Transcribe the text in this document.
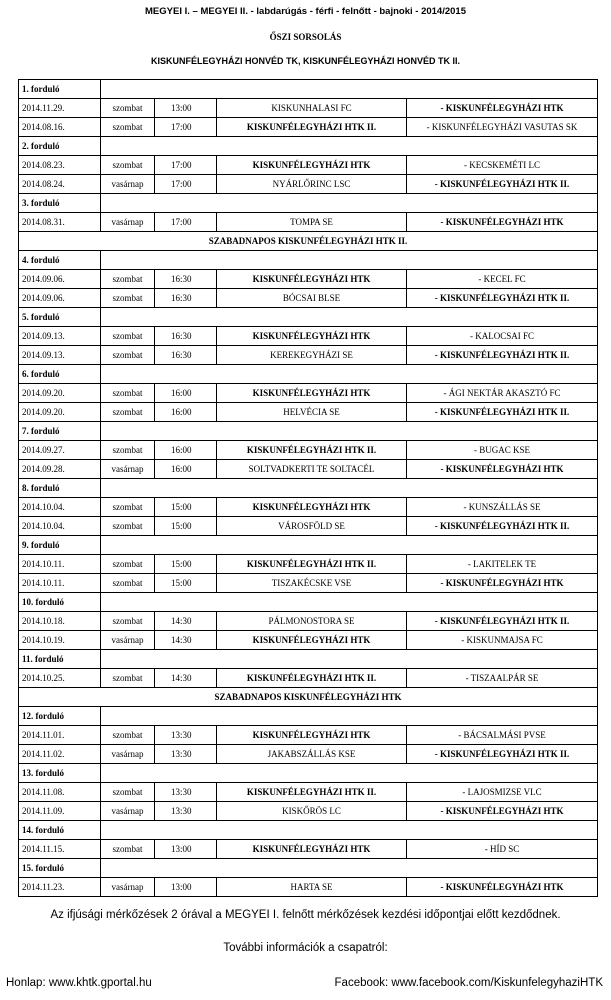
MEGYEI I. – MEGYEI II. - labdarúgás - férfi - felnőtt - bajnoki - 2014/2015
ŐSZI SORSOLÁS
KISKUNFÉLEGYHÁZI HONVÉD TK, KISKUNFÉLEGYHÁZI HONVÉD TK II.
1. forduló				
2014.11.29.	szombat	13:00	KISKUNHALASI FC	- KISKUNFÉLEGYHÁZI HTK
2014.08.16.	szombat	17:00	KISKUNFÉLEGYHÁZI HTK II.	- KISKUNFÉLEGYHÁZI VASUTAS SK
2. forduló				
2014.08.23.	szombat	17:00	KISKUNFÉLEGYHÁZI HTK	- KECSKEMÉTI LC
2014.08.24.	vasárnap	17:00	NYÁRLŐRINC LSC	- KISKUNFÉLEGYHÁZI HTK II.
3. forduló				
2014.08.31.	vasárnap	17:00	TOMPA SE	- KISKUNFÉLEGYHÁZI HTK
SZABADNAPOS KISKUNFÉLEGYHÁZI HTK II.				
4. forduló				
2014.09.06.	szombat	16:30	KISKUNFÉLEGYHÁZI HTK	- KECEL FC
2014.09.06.	szombat	16:30	BÓCSAI BLSE	- KISKUNFÉLEGYHÁZI HTK II.
5. forduló				
2014.09.13.	szombat	16:30	KISKUNFÉLEGYHÁZI HTK	- KALOCSAI FC
2014.09.13.	szombat	16:30	KEREKEGYHÁZI SE	- KISKUNFÉLEGYHÁZI HTK II.
6. forduló				
2014.09.20.	szombat	16:00	KISKUNFÉLEGYHÁZI HTK	- ÁGI NEKTÁR AKASZTÓ FC
2014.09.20.	szombat	16:00	HELVÉCIA SE	- KISKUNFÉLEGYHÁZI HTK II.
7. forduló				
2014.09.27.	szombat	16:00	KISKUNFÉLEGYHÁZI HTK II.	- BUGAC KSE
2014.09.28.	vasárnap	16:00	SOLTVADKERTI TE SOLTACÉL	- KISKUNFÉLEGYHÁZI HTK
8. forduló				
2014.10.04.	szombat	15:00	KISKUNFÉLEGYHÁZI HTK	- KUNSZÁLLÁS SE
2014.10.04.	szombat	15:00	VÁROSFÖLD SE	- KISKUNFÉLEGYHÁZI HTK II.
9. forduló				
2014.10.11.	szombat	15:00	KISKUNFÉLEGYHÁZI HTK II.	- LAKITELEK TE
2014.10.11.	szombat	15:00	TISZAKÉCSKE VSE	- KISKUNFÉLEGYHÁZI HTK
10. forduló				
2014.10.18.	szombat	14:30	PÁLMONOSTORA SE	- KISKUNFÉLEGYHÁZI HTK II.
2014.10.19.	vasárnap	14:30	KISKUNFÉLEGYHÁZI HTK	- KISKUNMAJSA FC
11. forduló				
2014.10.25.	szombat	14:30	KISKUNFÉLEGYHÁZI HTK II.	- TISZAALPÁR SE
SZABADNAPOS KISKUNFÉLEGYHÁZI HTK				
12. forduló				
2014.11.01.	szombat	13:30	KISKUNFÉLEGYHÁZI HTK	- BÁCSALMÁSI PVSE
2014.11.02.	vasárnap	13:30	JAKABSZÁLLÁS KSE	- KISKUNFÉLEGYHÁZI HTK II.
13. forduló				
2014.11.08.	szombat	13:30	KISKUNFÉLEGYHÁZI HTK II.	- LAJOSMIZSE VLC
2014.11.09.	vasárnap	13:30	KISKŐRÖS LC	- KISKUNFÉLEGYHÁZI HTK
14. forduló				
2014.11.15.	szombat	13:00	KISKUNFÉLEGYHÁZI HTK	- HÍD SC
15. forduló				
2014.11.23.	vasárnap	13:00	HARTA SE	- KISKUNFÉLEGYHÁZI HTK
Az ifjúsági mérkőzések 2 órával a MEGYEI I. felnőtt mérkőzések kezdési időpontjai előtt kezdődnek.
További információk a csapatról:
Honlap: www.khtk.gportal.hu	Facebook: www.facebook.com/KiskunfelegyhaziHTK
